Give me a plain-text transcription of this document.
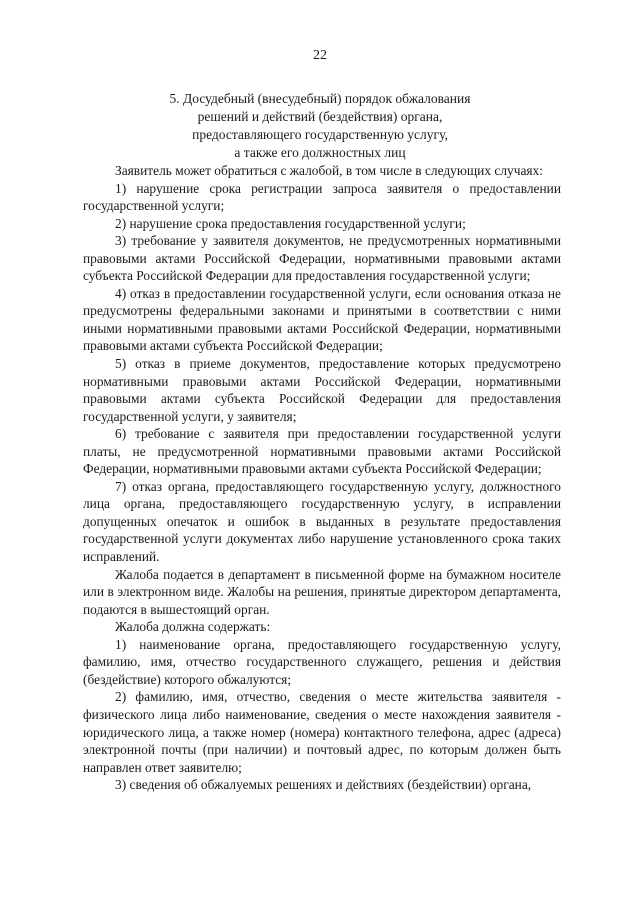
22
5. Досудебный (внесудебный) порядок обжалования
решений и действий (бездействия) органа,
предоставляющего государственную услугу,
а также его должностных лиц

Заявитель может обратиться с жалобой, в том числе в следующих случаях:

1) нарушение срока регистрации запроса заявителя о предоставлении государственной услуги;

2) нарушение срока предоставления государственной услуги;

3) требование у заявителя документов, не предусмотренных нормативными правовыми актами Российской Федерации, нормативными правовыми актами субъекта Российской Федерации для предоставления государственной услуги;

4) отказ в предоставлении государственной услуги, если основания отказа не предусмотрены федеральными законами и принятыми в соответствии с ними иными нормативными правовыми актами Российской Федерации, нормативными правовыми актами субъекта Российской Федерации;

5) отказ в приеме документов, предоставление которых предусмотрено нормативными правовыми актами Российской Федерации, нормативными правовыми актами субъекта Российской Федерации для предоставления государственной услуги, у заявителя;

6) требование с заявителя при предоставлении государственной услуги платы, не предусмотренной нормативными правовыми актами Российской Федерации, нормативными правовыми актами субъекта Российской Федерации;

7) отказ органа, предоставляющего государственную услугу, должностного лица органа, предоставляющего государственную услугу, в исправлении допущенных опечаток и ошибок в выданных в результате предоставления государственной услуги документах либо нарушение установленного срока таких исправлений.

Жалоба подается в департамент в письменной форме на бумажном носителе или в электронном виде. Жалобы на решения, принятые директором департамента, подаются в вышестоящий орган.

Жалоба должна содержать:

1) наименование органа, предоставляющего государственную услугу, фамилию, имя, отчество государственного служащего, решения и действия (бездействие) которого обжалуются;

2) фамилию, имя, отчество, сведения о месте жительства заявителя - физического лица либо наименование, сведения о месте нахождения заявителя - юридического лица, а также номер (номера) контактного телефона, адрес (адреса) электронной почты (при наличии) и почтовый адрес, по которым должен быть направлен ответ заявителю;

3) сведения об обжалуемых решениях и действиях (бездействии) органа,
